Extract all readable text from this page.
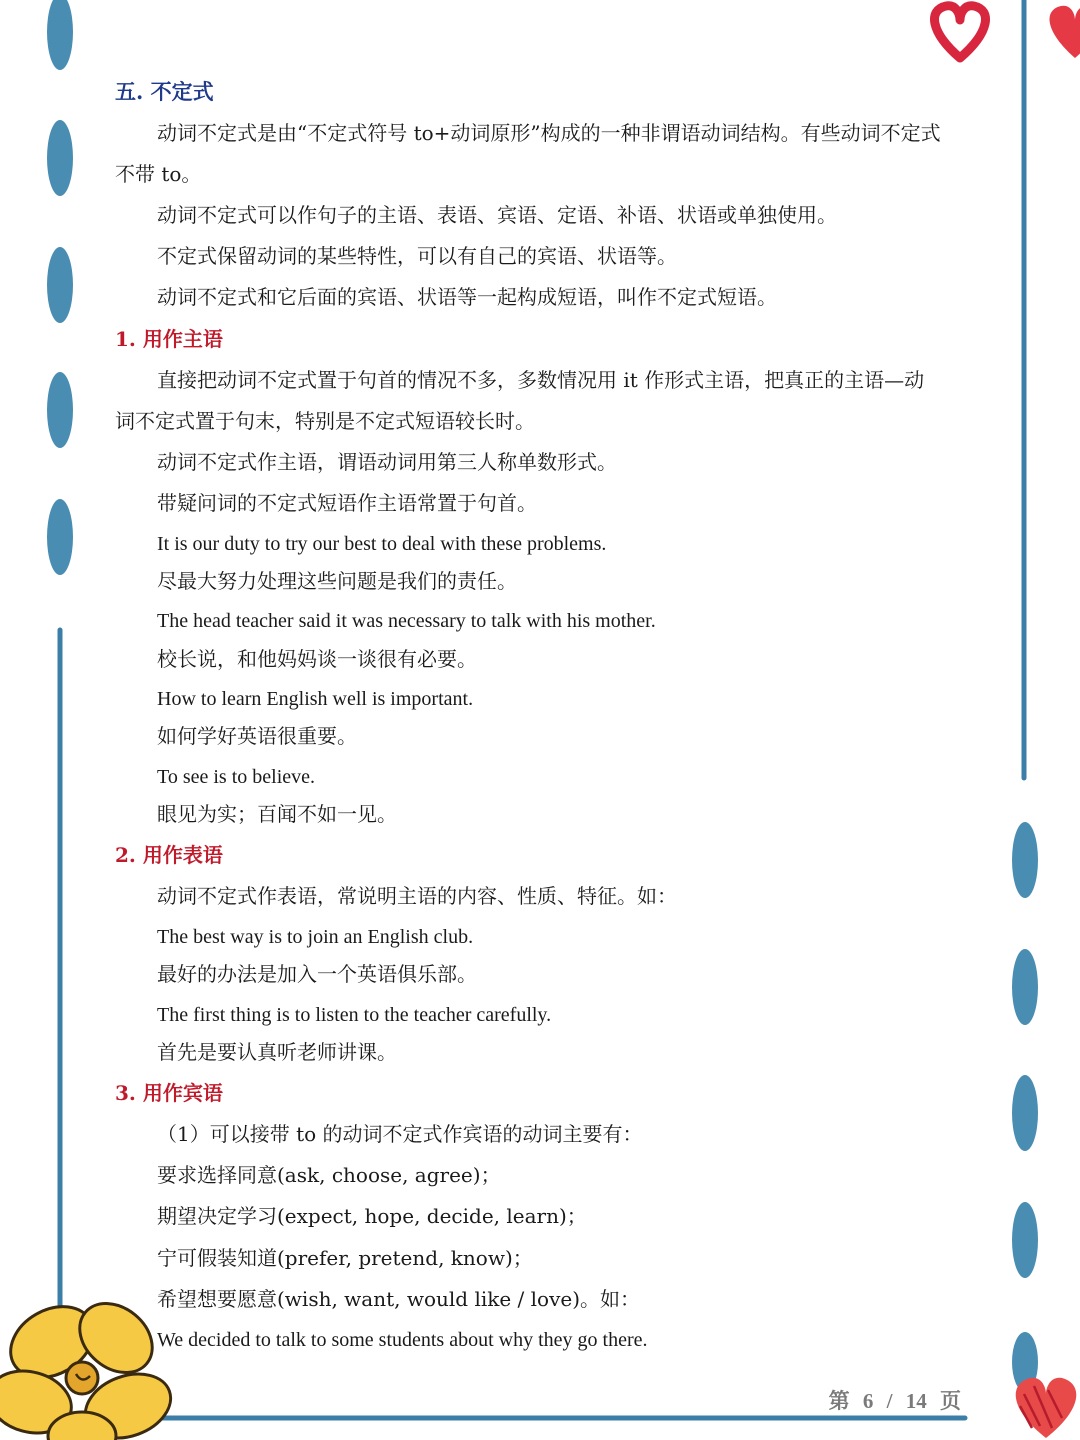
五. 不定式
动词不定式是由“不定式符号 to+动词原形”构成的一种非谓语动词结构。有些动词不定式
不带 to。
动词不定式可以作句子的主语、表语、宾语、定语、补语、状语或单独使用。
不定式保留动词的某些特性，可以有自己的宾语、状语等。
动词不定式和它后面的宾语、状语等一起构成短语，叫作不定式短语。
1. 用作主语
直接把动词不定式置于句首的情况不多，多数情况用 it 作形式主语，把真正的主语—动
词不定式置于句末，特别是不定式短语较长时。
动词不定式作主语，谓语动词用第三人称单数形式。
带疑问词的不定式短语作主语常置于句首。
It is our duty to try our best to deal with these problems.
尽最大努力处理这些问题是我们的责任。
The head teacher said it was necessary to talk with his mother.
校长说，和他妈妈谈一谈很有必要。
How to learn English well is important.
如何学好英语很重要。
To see is to believe.
眼见为实；百闻不如一见。
2. 用作表语
动词不定式作表语，常说明主语的内容、性质、特征。如：
The best way is to join an English club.
最好的办法是加入一个英语俱乐部。
The first thing is to listen to the teacher carefully.
首先是要认真听老师讲课。
3. 用作宾语
（1）可以接带 to 的动词不定式作宾语的动词主要有：
要求选择同意(ask, choose, agree)；
期望决定学习(expect, hope, decide, learn)；
宁可假装知道(prefer, pretend, know)；
希望想要愿意(wish, want, would like / love)。如：
We decided to talk to some students about why they go there.
第 6 / 14 页
